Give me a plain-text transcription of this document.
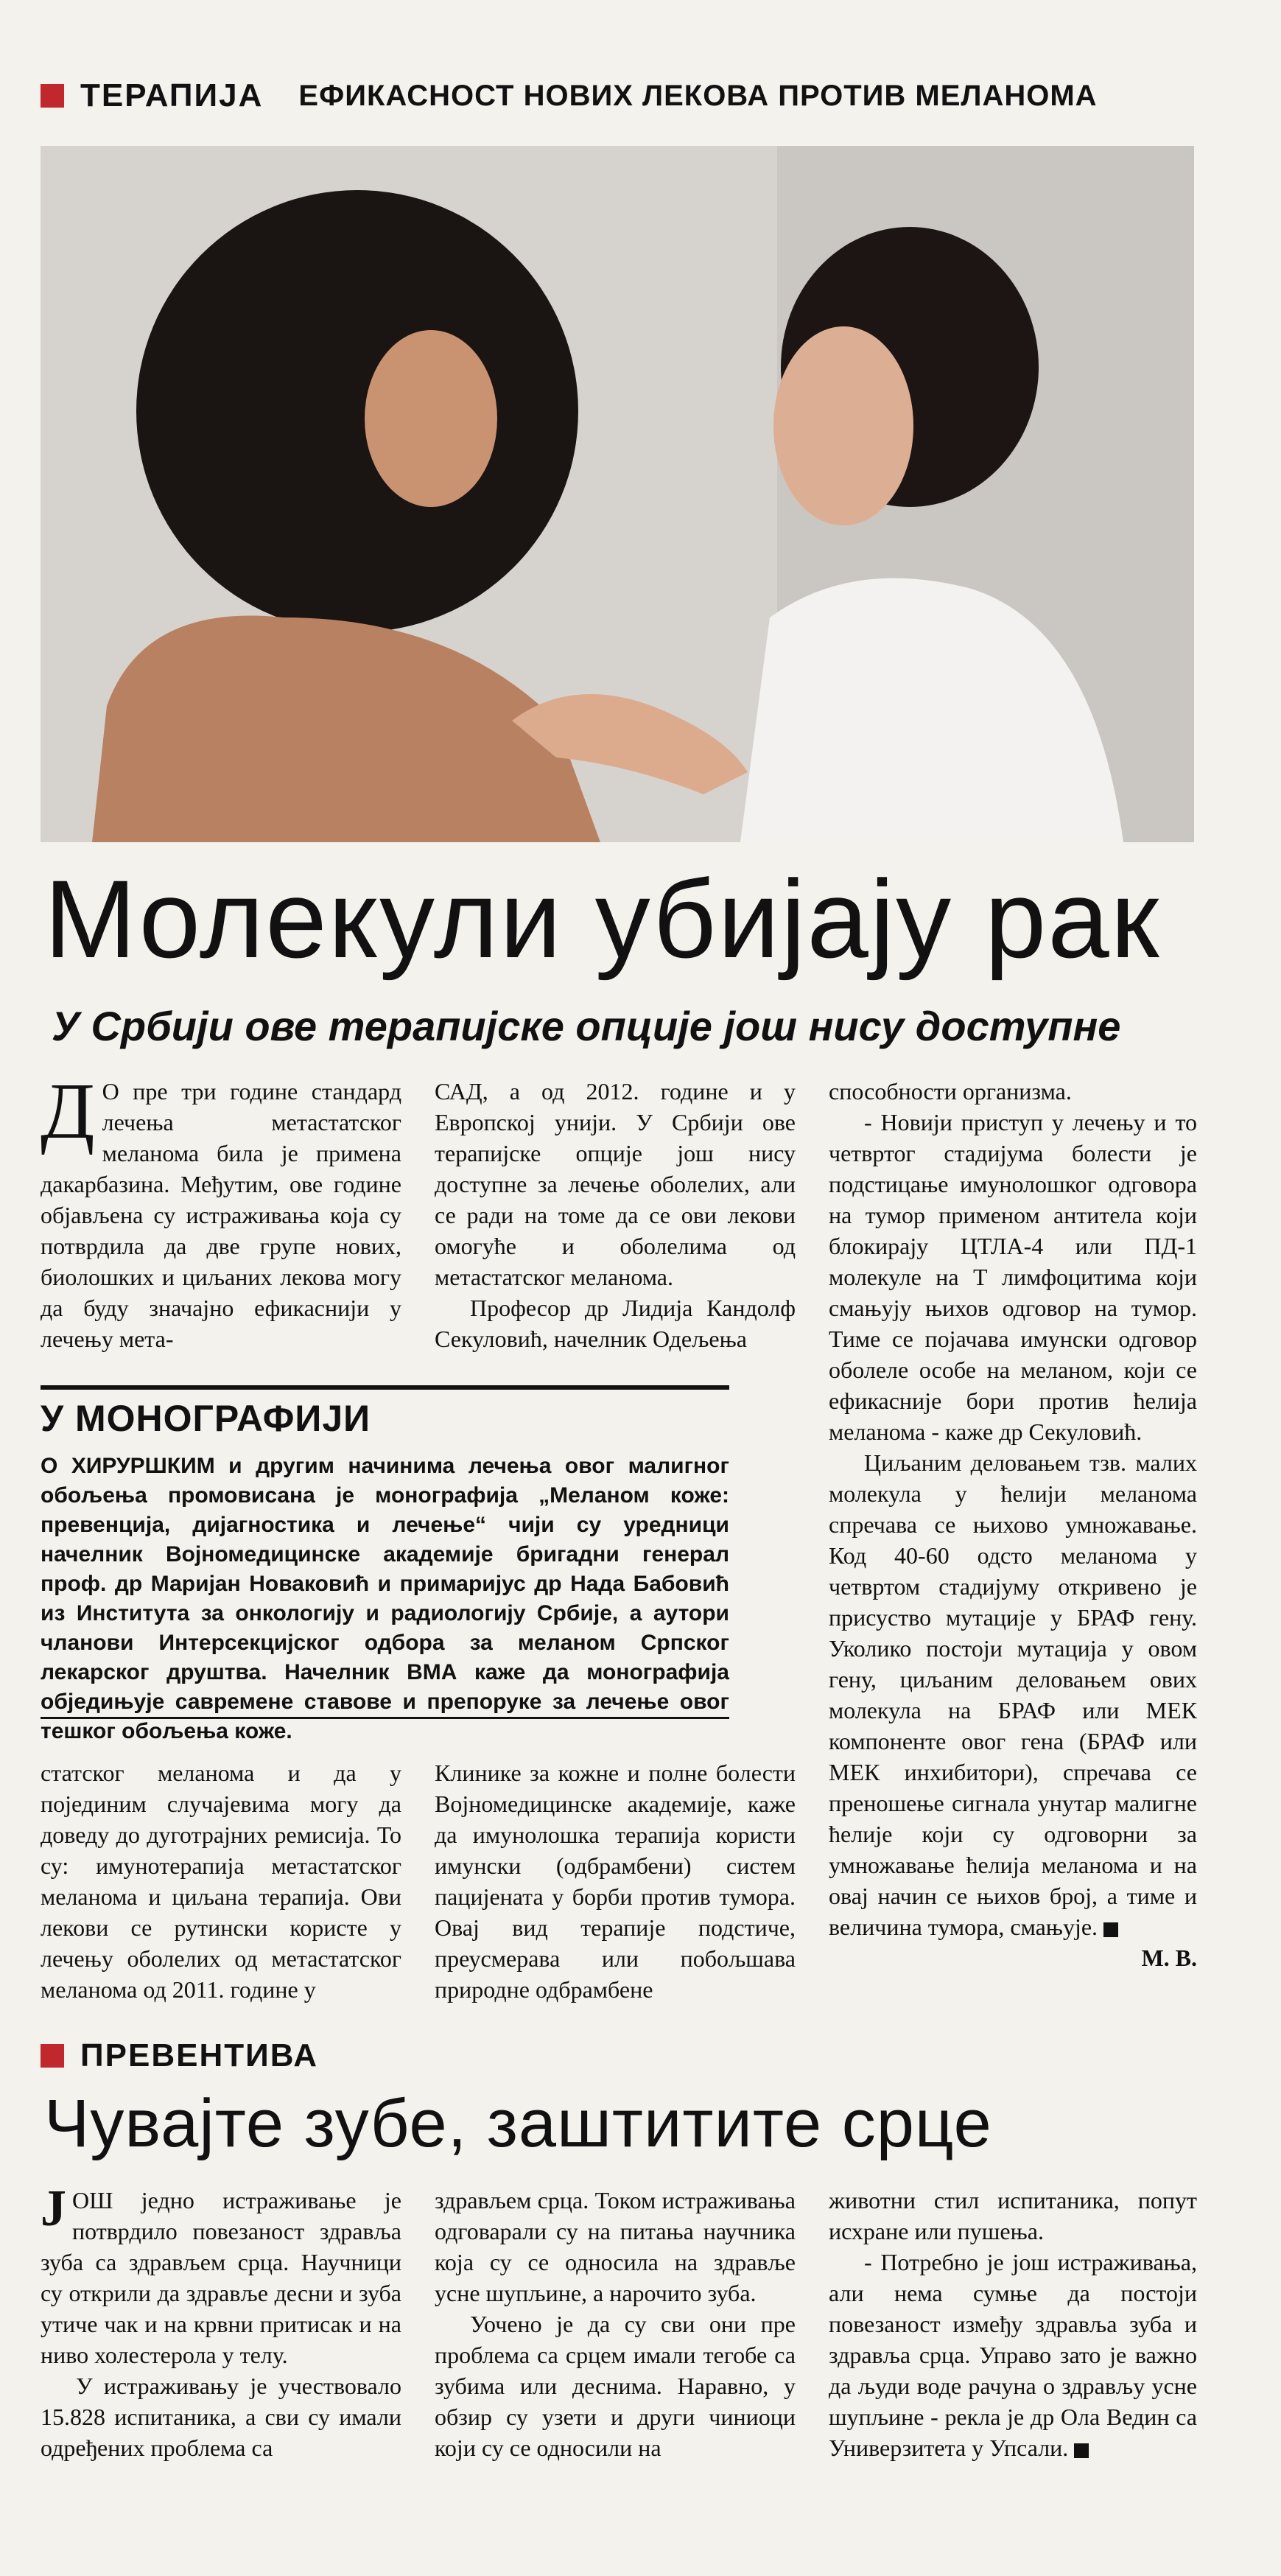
ТЕРАПИЈА ЕФИКАСНОСТ НОВИХ ЛЕКОВА ПРОТИВ МЕЛАНОМА
Молекули убијају рак
У Србији ове терапијске опције још нису доступне

Д О пре три године стандард лечења метастатског меланома била је примена дакарбазина. Међутим, ове године објављена су истраживања која су потврдила да две групе нових, биолошких и циљаних лекова могу да буду значајно ефикаснији у лечењу мета-

САД, а од 2012. године и у Европској унији. У Србији ове терапијске опције још нису доступне за лечење оболелих, али се ради на томе да се ови лекови омогуће и оболелима од метастатског меланома.

Професор др Лидија Кандолф Секуловић, начелник Одељења

У МОНОГРАФИЈИ
О ХИРУРШКИМ и другим начинима лечења овог малигног обољења промовисана је монографија „Меланом коже: превенција, дијагностика и лечење“ чији су уредници начелник Војномедицинске академије бригадни генерал проф. др Маријан Новаковић и примаријус др Нада Бабовић из Института за онкологију и радиологију Србије, а аутори чланови Интерсекцијског одбора за меланом Српског лекарског друштва. Начелник ВМА каже да монографија обједињује савремене ставове и препоруке за лечење овог тешког обољења коже.

статског меланома и да у појединим случајевима могу да доведу до дуготрајних ремисија. То су: имунотерапија метастатског меланома и циљана терапија. Ови лекови се рутински користе у лечењу оболелих од метастатског меланома од 2011. године у

Клинике за кожне и полне болести Војномедицинске академије, каже да имунолошка терапија користи имунски (одбрамбени) систем пацијената у борби против тумора. Овај вид терапије подстиче, преусмерава или побољшава природне одбрамбене

способности организма.

- Новији приступ у лечењу и то четвртог стадијума болести је подстицање имунолошког одговора на тумор применом антитела који блокирају ЦТЛА-4 или ПД-1 молекуле на Т лимфоцитима који смањују њихов одговор на тумор. Тиме се појачава имунски одговор оболеле особе на меланом, који се ефикасније бори против ћелија меланома - каже др Секуловић.

Циљаним деловањем тзв. малих молекула у ћелији меланома спречава се њихово умножавање. Код 40-60 одсто меланома у четвртом стадијуму откривено је присуство мутације у БРАФ гену. Уколико постоји мутација у овом гену, циљаним деловањем ових молекула на БРАФ или МЕК компоненте овог гена (БРАФ или МЕК инхибитори), спречава се преношење сигнала унутар малигне ћелије који су одговорни за умножавање ћелија меланома и на овај начин се њихов број, а тиме и величина тумора, смањује.
М. В.

ПРЕВЕНТИВА
Чувајте зубе, заштитите срце

ЈОШ једно истраживање је потврдило повезаност здравља зуба са здрављем срца. Научници су открили да здравље десни и зуба утиче чак и на крвни притисак и на ниво холестерола у телу.

У истраживању је учествовало 15.828 испитаника, а сви су имали одређених проблема са

здрављем срца. Током истраживања одговарали су на питања научника која су се односила на здравље усне шупљине, а нарочито зуба.

Уочено је да су сви они пре проблема са срцем имали тегобе са зубима или деснима. Наравно, у обзир су узети и други чиниоци који су се односили на

животни стил испитаника, попут исхране или пушења.

- Потребно је још истраживања, али нема сумње да постоји повезаност између здравља зуба и здравља срца. Управо зато је важно да људи воде рачуна о здрављу усне шупљине - рекла је др Ола Ведин са Универзитета у Упсали.
